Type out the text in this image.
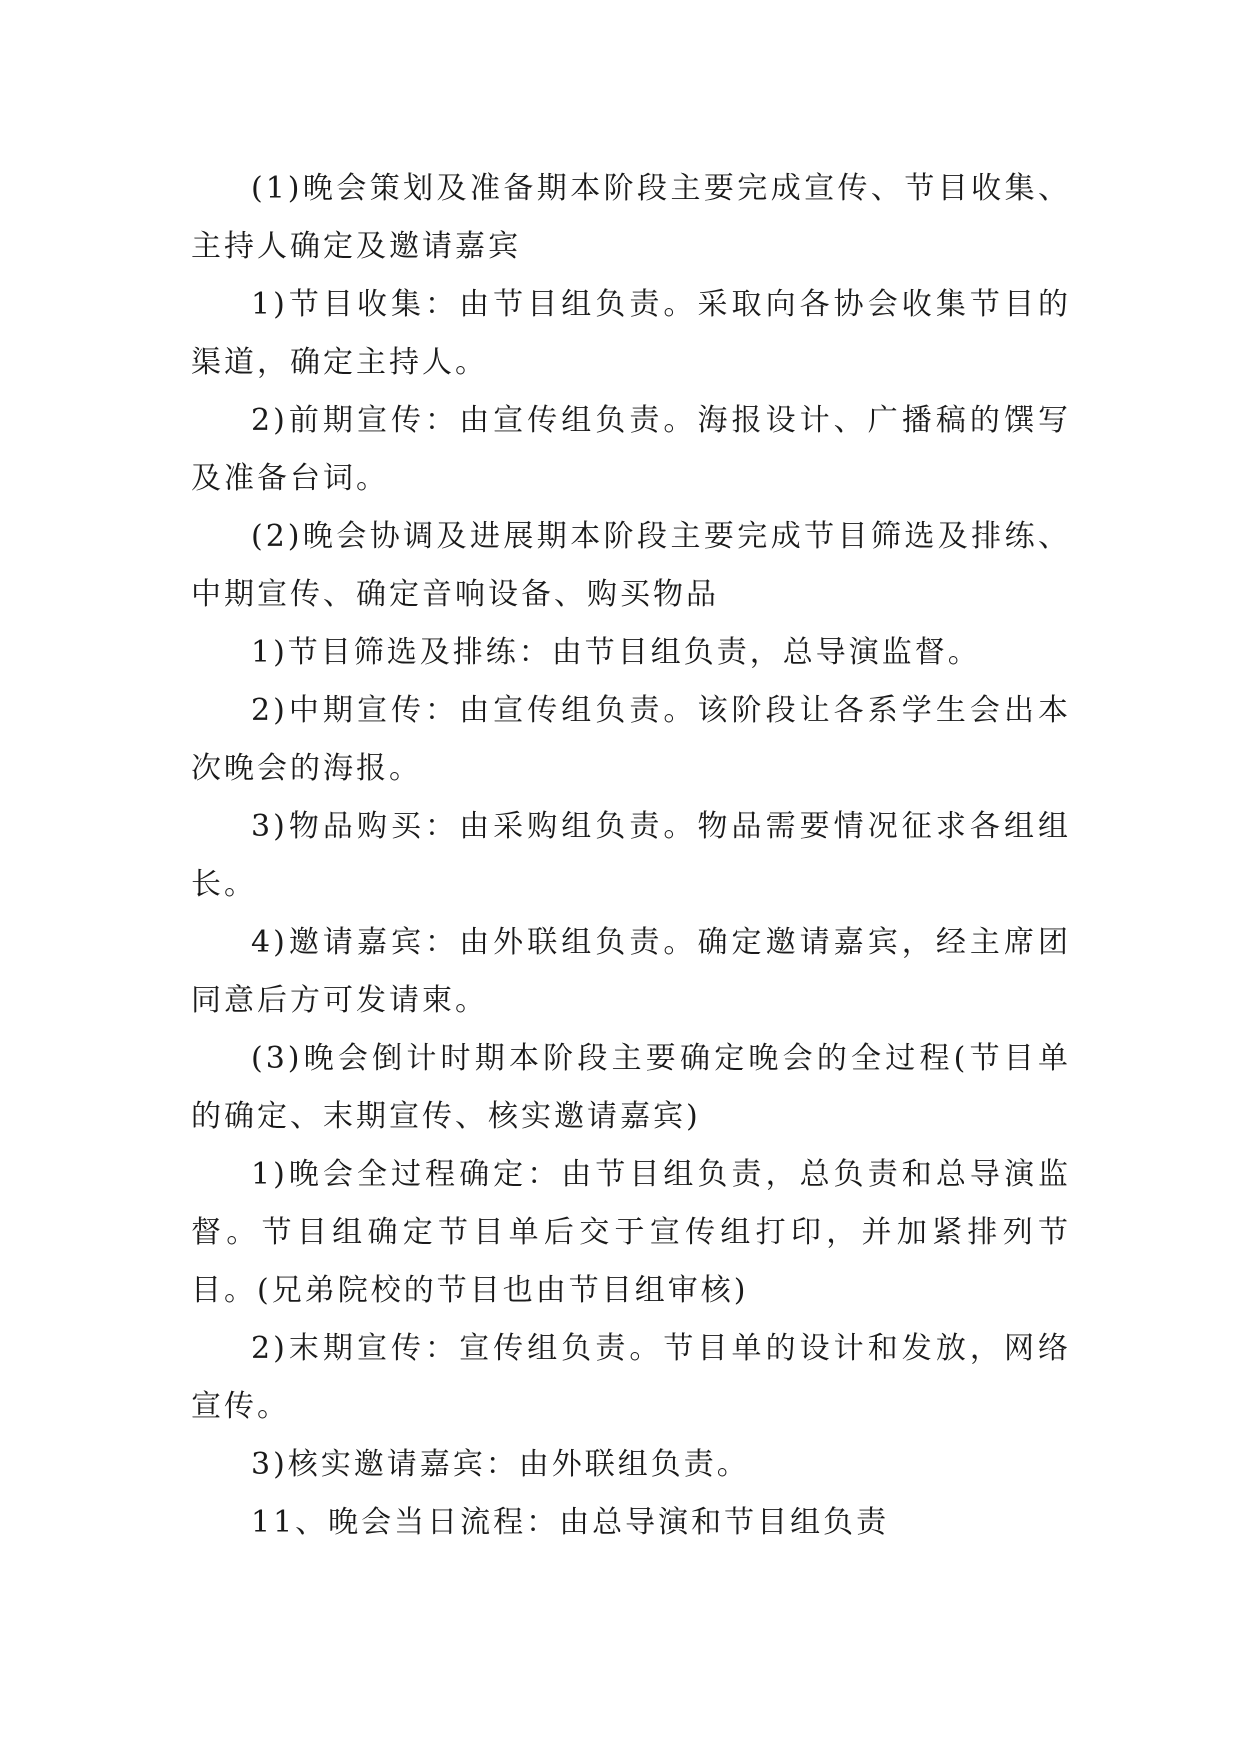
(1)晚会策划及准备期本阶段主要完成宣传、节目收集、主持人确定及邀请嘉宾

1)节目收集：由节目组负责。采取向各协会收集节目的渠道，确定主持人。

2)前期宣传：由宣传组负责。海报设计、广播稿的馔写及准备台词。

(2)晚会协调及进展期本阶段主要完成节目筛选及排练、中期宣传、确定音响设备、购买物品

1)节目筛选及排练：由节目组负责，总导演监督。

2)中期宣传：由宣传组负责。该阶段让各系学生会出本次晚会的海报。

3)物品购买：由采购组负责。物品需要情况征求各组组长。

4)邀请嘉宾：由外联组负责。确定邀请嘉宾，经主席团同意后方可发请柬。

(3)晚会倒计时期本阶段主要确定晚会的全过程(节目单的确定、末期宣传、核实邀请嘉宾)

1)晚会全过程确定：由节目组负责，总负责和总导演监督。节目组确定节目单后交于宣传组打印，并加紧排列节目。(兄弟院校的节目也由节目组审核)

2)末期宣传：宣传组负责。节目单的设计和发放，网络宣传。

3)核实邀请嘉宾：由外联组负责。

11、晚会当日流程：由总导演和节目组负责
